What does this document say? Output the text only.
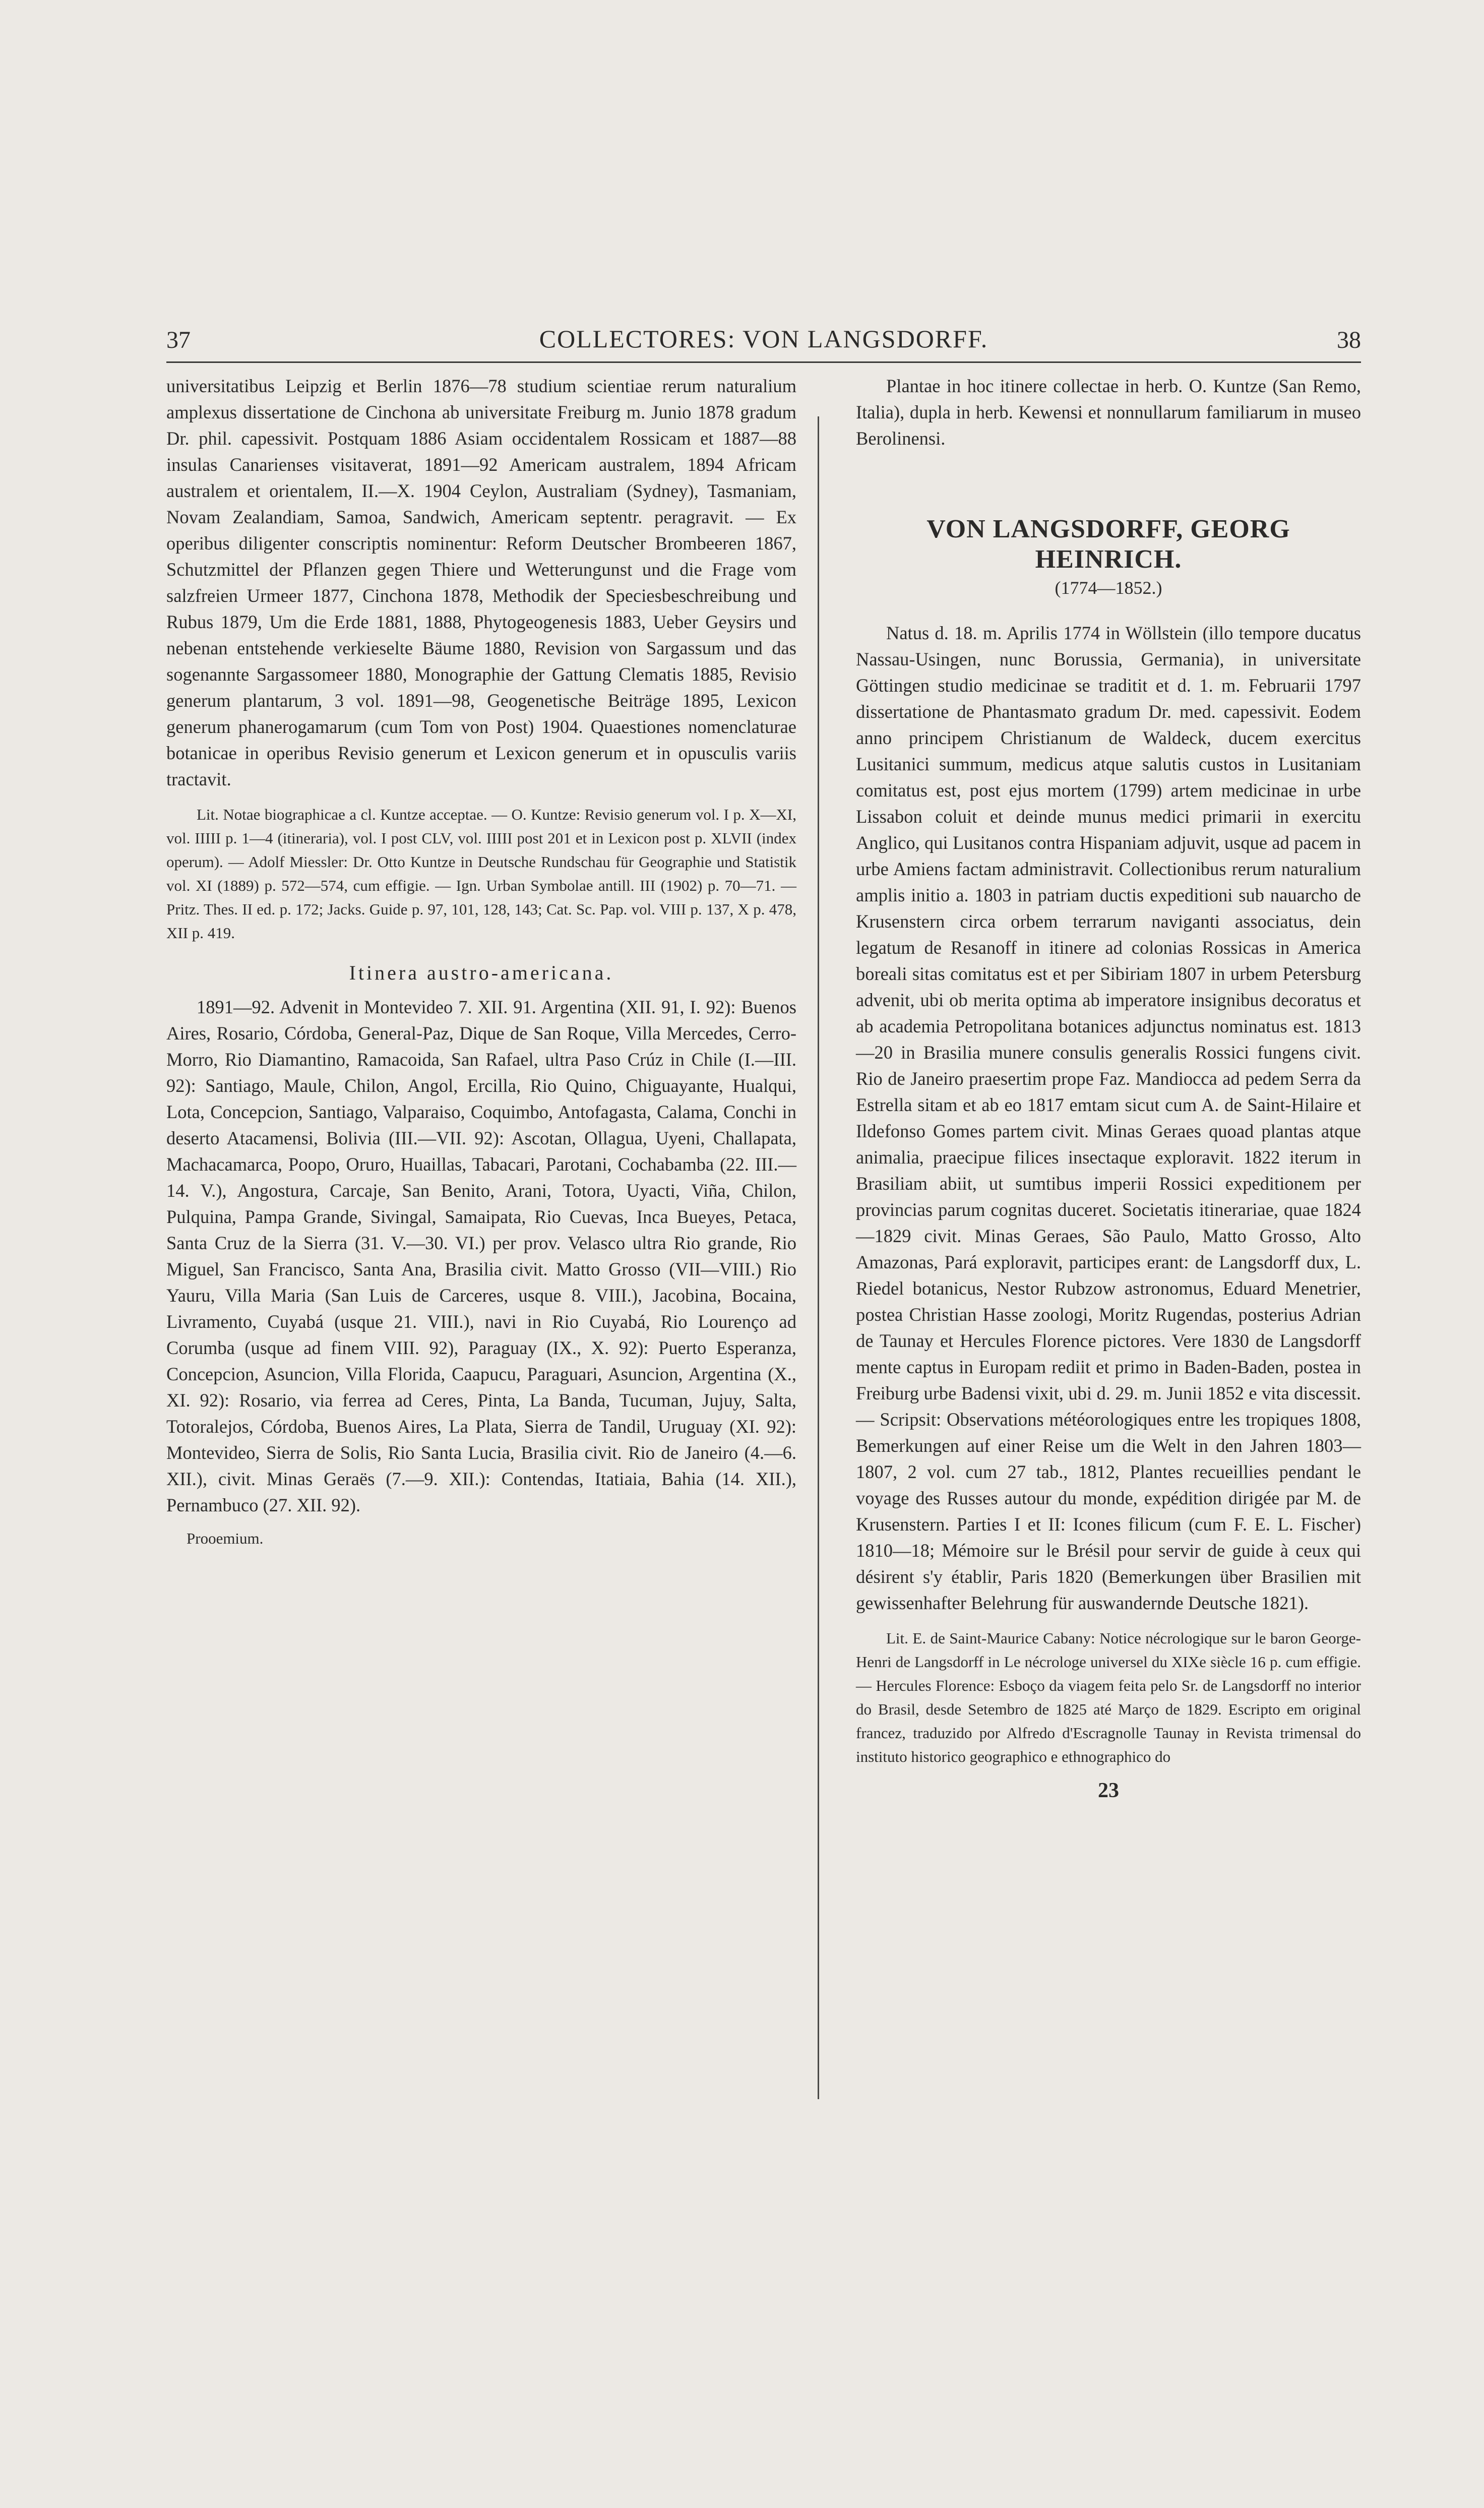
37	COLLECTORES: VON LANGSDORFF.	38

universitatibus Leipzig et Berlin 1876—78 studium scientiae rerum naturalium amplexus dissertatione de Cinchona ab universitate Freiburg m. Junio 1878 gradum Dr. phil. capessivit. Postquam 1886 Asiam occidentalem Rossicam et 1887—88 insulas Canarienses visitaverat, 1891—92 Americam australem, 1894 Africam australem et orientalem, II.—X. 1904 Ceylon, Australiam (Sydney), Tasmaniam, Novam Zealandiam, Samoa, Sandwich, Americam septentr. peragravit. — Ex operibus diligenter conscriptis nominentur: Reform Deutscher Brombeeren 1867, Schutzmittel der Pflanzen gegen Thiere und Wetterungunst und die Frage vom salzfreien Urmeer 1877, Cinchona 1878, Methodik der Speciesbeschreibung und Rubus 1879, Um die Erde 1881, 1888, Phytogeogenesis 1883, Ueber Geysirs und nebenan entstehende verkieselte Bäume 1880, Revision von Sargassum und das sogenannte Sargassomeer 1880, Monographie der Gattung Clematis 1885, Revisio generum plantarum, 3 vol. 1891—98, Geogenetische Beiträge 1895, Lexicon generum phanerogamarum (cum Tom von Post) 1904. Quaestiones nomenclaturae botanicae in operibus Revisio generum et Lexicon generum et in opusculis variis tractavit.

Lit. Notae biographicae a cl. Kuntze acceptae. — O. Kuntze: Revisio generum vol. I p. X—XI, vol. IIIII p. 1—4 (itineraria), vol. I post CLV, vol. IIIII post 201 et in Lexicon post p. XLVII (index operum). — Adolf Miessler: Dr. Otto Kuntze in Deutsche Rundschau für Geographie und Statistik vol. XI (1889) p. 572—574, cum effigie. — Ign. Urban Symbolae antill. III (1902) p. 70—71. — Pritz. Thes. II ed. p. 172; Jacks. Guide p. 97, 101, 128, 143; Cat. Sc. Pap. vol. VIII p. 137, X p. 478, XII p. 419.

Itinera austro-americana.

1891—92. Advenit in Montevideo 7. XII. 91. Argentina (XII. 91, I. 92): Buenos Aires, Rosario, Córdoba, General-Paz, Dique de San Roque, Villa Mercedes, Cerro-Morro, Rio Diamantino, Ramacoida, San Rafael, ultra Paso Crúz in Chile (I.—III. 92): Santiago, Maule, Chilon, Angol, Ercilla, Rio Quino, Chiguayante, Hualqui, Lota, Concepcion, Santiago, Valparaiso, Coquimbo, Antofagasta, Calama, Conchi in deserto Atacamensi, Bolivia (III.—VII. 92): Ascotan, Ollagua, Uyeni, Challapata, Machacamarca, Poopo, Oruro, Huaillas, Tabacari, Parotani, Cochabamba (22. III.—14. V.), Angostura, Carcaje, San Benito, Arani, Totora, Uyacti, Viña, Chilon, Pulquina, Pampa Grande, Sivingal, Samaipata, Rio Cuevas, Inca Bueyes, Petaca, Santa Cruz de la Sierra (31. V.—30. VI.) per prov. Velasco ultra Rio grande, Rio Miguel, San Francisco, Santa Ana, Brasilia civit. Matto Grosso (VII—VIII.) Rio Yauru, Villa Maria (San Luis de Carceres, usque 8. VIII.), Jacobina, Bocaina, Livramento, Cuyabá (usque 21. VIII.), navi in Rio Cuyabá, Rio Lourenço ad Corumba (usque ad finem VIII. 92), Paraguay (IX., X. 92): Puerto Esperanza, Concepcion, Asuncion, Villa Florida, Caapucu, Paraguari, Asuncion, Argentina (X., XI. 92): Rosario, via ferrea ad Ceres, Pinta, La Banda, Tucuman, Jujuy, Salta, Totoralejos, Córdoba, Buenos Aires, La Plata, Sierra de Tandil, Uruguay (XI. 92): Montevideo, Sierra de Solis, Rio Santa Lucia, Brasilia civit. Rio de Janeiro (4.—6. XII.), civit. Minas Geraës (7.—9. XII.): Contendas, Itatiaia, Bahia (14. XII.), Pernambuco (27. XII. 92).

Prooemium.

Plantae in hoc itinere collectae in herb. O. Kuntze (San Remo, Italia), dupla in herb. Kewensi et nonnullarum familiarum in museo Berolinensi.

VON LANGSDORFF, GEORG HEINRICH.

(1774—1852.)

Natus d. 18. m. Aprilis 1774 in Wöllstein (illo tempore ducatus Nassau-Usingen, nunc Borussia, Germania), in universitate Göttingen studio medicinae se traditit et d. 1. m. Februarii 1797 dissertatione de Phantasmato gradum Dr. med. capessivit. Eodem anno principem Christianum de Waldeck, ducem exercitus Lusitanici summum, medicus atque salutis custos in Lusitaniam comitatus est, post ejus mortem (1799) artem medicinae in urbe Lissabon coluit et deinde munus medici primarii in exercitu Anglico, qui Lusitanos contra Hispaniam adjuvit, usque ad pacem in urbe Amiens factam administravit. Collectionibus rerum naturalium amplis initio a. 1803 in patriam ductis expeditioni sub nauarcho de Krusenstern circa orbem terrarum naviganti associatus, dein legatum de Resanoff in itinere ad colonias Rossicas in America boreali sitas comitatus est et per Sibiriam 1807 in urbem Petersburg advenit, ubi ob merita optima ab imperatore insignibus decoratus et ab academia Petropolitana botanices adjunctus nominatus est. 1813—20 in Brasilia munere consulis generalis Rossici fungens civit. Rio de Janeiro praesertim prope Faz. Mandiocca ad pedem Serra da Estrella sitam et ab eo 1817 emtam sicut cum A. de Saint-Hilaire et Ildefonso Gomes partem civit. Minas Geraes quoad plantas atque animalia, praecipue filices insectaque exploravit. 1822 iterum in Brasiliam abiit, ut sumtibus imperii Rossici expeditionem per provincias parum cognitas duceret. Societatis itinerariae, quae 1824—1829 civit. Minas Geraes, São Paulo, Matto Grosso, Alto Amazonas, Pará exploravit, participes erant: de Langsdorff dux, L. Riedel botanicus, Nestor Rubzow astronomus, Eduard Menetrier, postea Christian Hasse zoologi, Moritz Rugendas, posterius Adrian de Taunay et Hercules Florence pictores. Vere 1830 de Langsdorff mente captus in Europam rediit et primo in Baden-Baden, postea in Freiburg urbe Badensi vixit, ubi d. 29. m. Junii 1852 e vita discessit. — Scripsit: Observations météorologiques entre les tropiques 1808, Bemerkungen auf einer Reise um die Welt in den Jahren 1803—1807, 2 vol. cum 27 tab., 1812, Plantes recueillies pendant le voyage des Russes autour du monde, expédition dirigée par M. de Krusenstern. Parties I et II: Icones filicum (cum F. E. L. Fischer) 1810—18; Mémoire sur le Brésil pour servir de guide à ceux qui désirent s'y établir, Paris 1820 (Bemerkungen über Brasilien mit gewissenhafter Belehrung für auswandernde Deutsche 1821).

Lit. E. de Saint-Maurice Cabany: Notice nécrologique sur le baron George-Henri de Langsdorff in Le nécrologe universel du XIXe siècle 16 p. cum effigie. — Hercules Florence: Esboço da viagem feita pelo Sr. de Langsdorff no interior do Brasil, desde Setembro de 1825 até Março de 1829. Escripto em original francez, traduzido por Alfredo d'Escragnolle Taunay in Revista trimensal do instituto historico geographico e ethnographico do

23
